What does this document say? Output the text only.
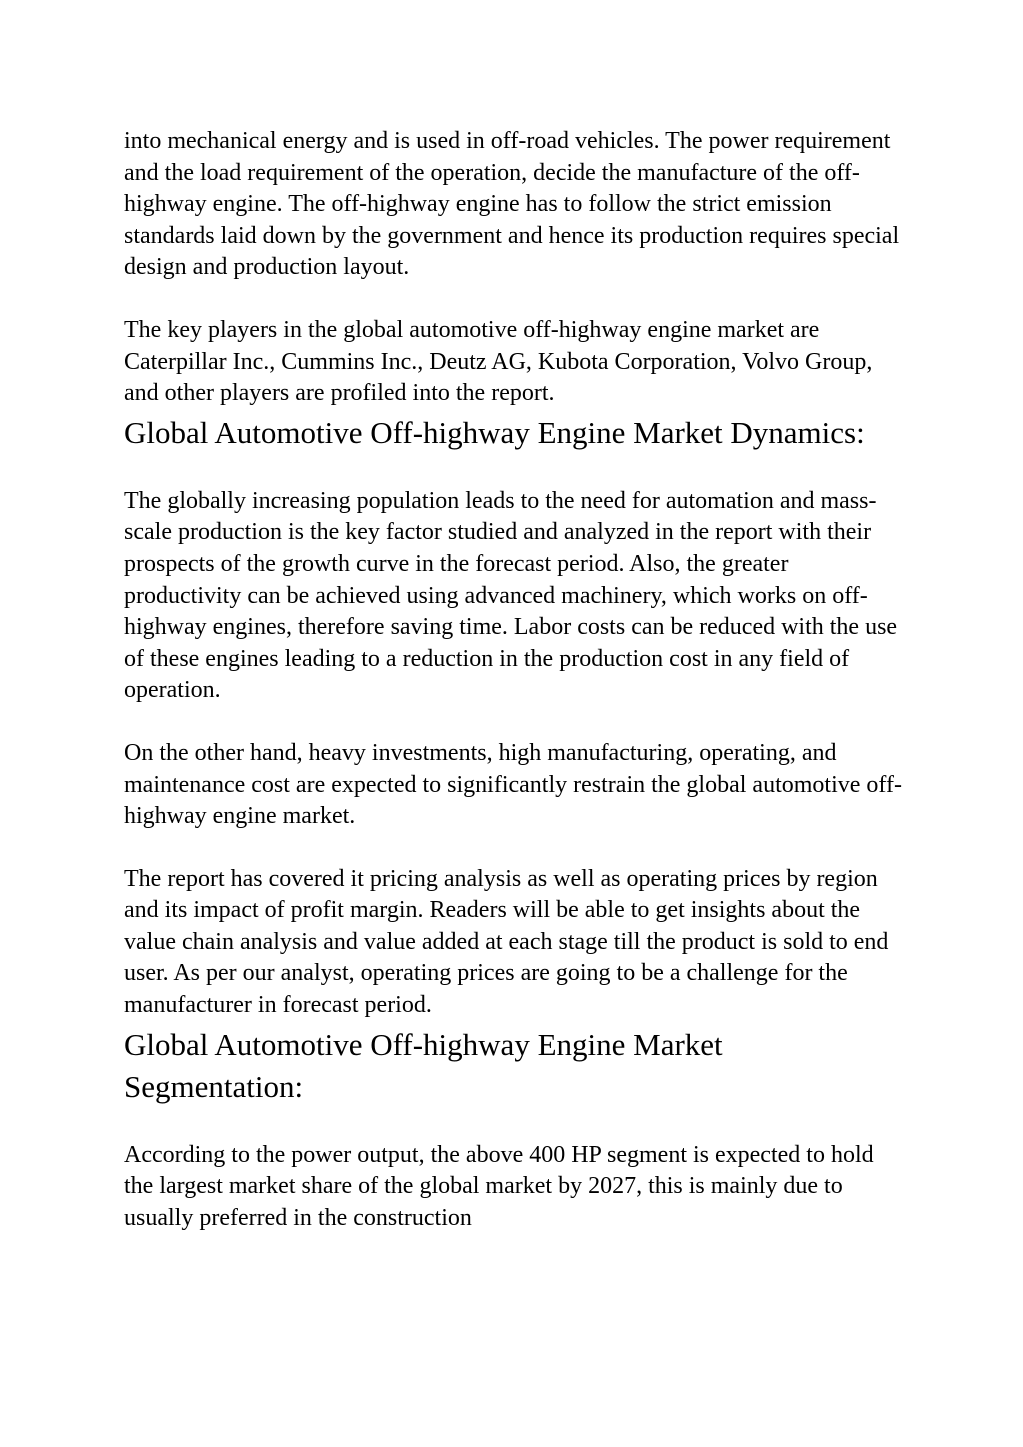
into mechanical energy and is used in off-road vehicles. The power requirement and the load requirement of the operation, decide the manufacture of the off-highway engine. The off-highway engine has to follow the strict emission standards laid down by the government and hence its production requires special design and production layout.

The key players in the global automotive off-highway engine market are Caterpillar Inc., Cummins Inc., Deutz AG, Kubota Corporation, Volvo Group, and other players are profiled into the report.

Global Automotive Off-highway Engine Market Dynamics:

The globally increasing population leads to the need for automation and mass-scale production is the key factor studied and analyzed in the report with their prospects of the growth curve in the forecast period. Also, the greater productivity can be achieved using advanced machinery, which works on off-highway engines, therefore saving time. Labor costs can be reduced with the use of these engines leading to a reduction in the production cost in any field of operation.

On the other hand, heavy investments, high manufacturing, operating, and maintenance cost are expected to significantly restrain the global automotive off-highway engine market.

The report has covered it pricing analysis as well as operating prices by region and its impact of profit margin. Readers will be able to get insights about the value chain analysis and value added at each stage till the product is sold to end user. As per our analyst, operating prices are going to be a challenge for the manufacturer in forecast period.

Global Automotive Off-highway Engine Market Segmentation:

According to the power output, the above 400 HP segment is expected to hold the largest market share of the global market by 2027, this is mainly due to usually preferred in the construction
